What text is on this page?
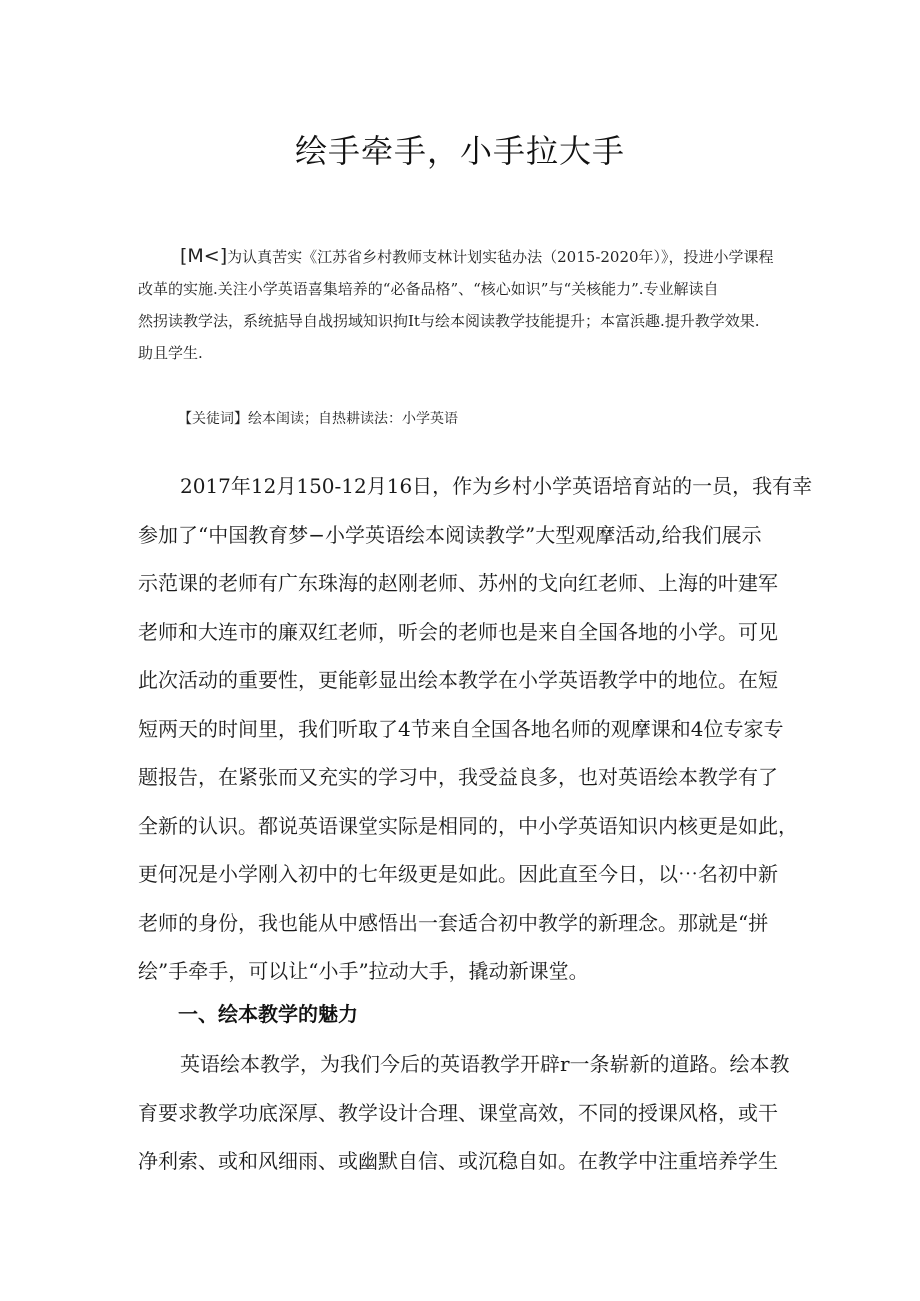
绘手牵手，小手拉大手
[M<]为认真苦实《江苏省乡村教师支林计划实毡办法（2015-2020年）》，投进小学课程
改革的实施.关注小学英语喜集培养的“必备品格”、“核心如识”与“关核能力”.专业解读自
然拐读教学法，系统掂导自战拐域知识拘It与绘本阅读教学技能提升；本富浜趣.提升教学效果.
助且学生.
【关徒词】绘本闺读；自热耕读法：小学英语
2017年12月150-12月16日，作为乡村小学英语培育站的一员，我有幸
参加了“中国教育梦−小学英语绘本阅读教学”大型观摩活动,给我们展示
示范课的老师有广东珠海的赵刚老师、苏州的戈向红老师、上海的叶建军
老师和大连市的廉双红老师，听会的老师也是来自全国各地的小学。可见
此次活动的重要性，更能彰显出绘本教学在小学英语教学中的地位。在短
短两天的时间里，我们听取了4节来自全国各地名师的观摩课和4位专家专
题报告，在紧张而又充实的学习中，我受益良多，也对英语绘本教学有了
全新的认识。都说英语课堂实际是相同的，中小学英语知识内核更是如此，
更何况是小学刚入初中的七年级更是如此。因此直至今日，以⋯名初中新
老师的身份，我也能从中感悟出一套适合初中教学的新理念。那就是“拼
绘”手牵手，可以让“小手”拉动大手，撬动新课堂。
一、绘本教学的魅力
英语绘本教学，为我们今后的英语教学开辟r一条崭新的道路。绘本教
育要求教学功底深厚、教学设计合理、课堂高效，不同的授课风格，或干
净利索、或和风细雨、或幽默自信、或沉稳自如。在教学中注重培养学生
